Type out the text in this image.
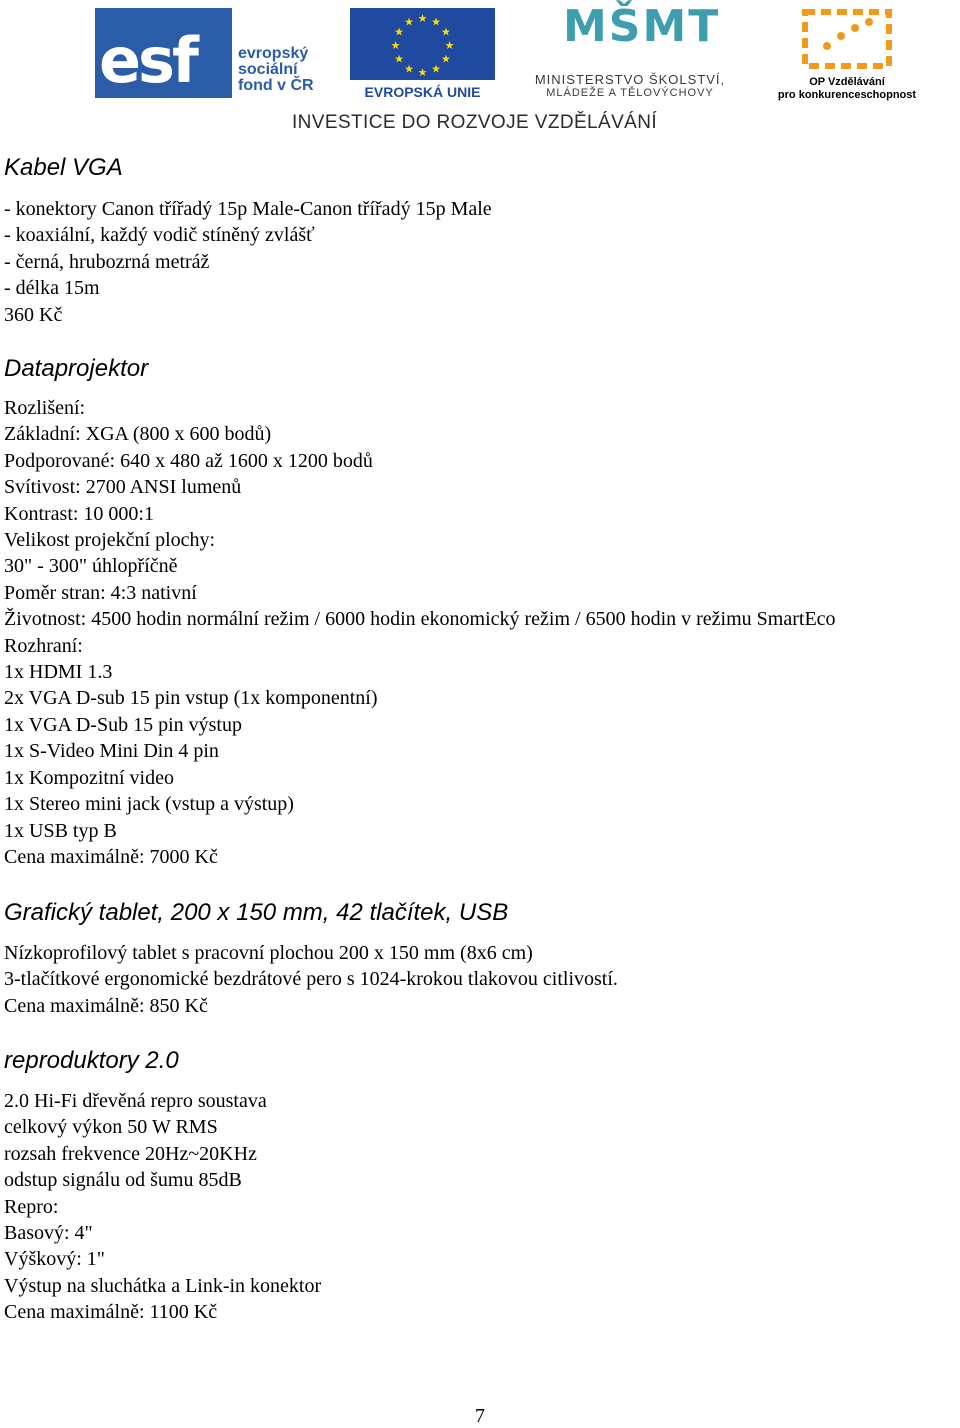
esf	evropský
sociální
fond v ČR
★ ★
★
★
★
★
★
★
★
★
★
★
EVROPSKÁ UNIE
MŠMT
MINISTERSTVO ŠKOLSTVÍ,
MLÁDEŽE A TĚLOVÝCHOVY
OP Vzdělávání
pro konkurenceschopnost
INVESTICE DO ROZVOJE VZDĚLÁVÁNÍ
Kabel VGA
- konektory Canon třířadý 15p Male-Canon třířadý 15p Male
- koaxiální, každý vodič stíněný zvlášť
- černá, hrubozrná metráž
- délka 15m
360 Kč
Dataprojektor
Rozlišení:
Základní: XGA (800 x 600 bodů)
Podporované: 640 x 480 až 1600 x 1200 bodů
Svítivost: 2700 ANSI lumenů
Kontrast: 10 000:1
Velikost projekční plochy:
30" - 300" úhlopříčně
Poměr stran: 4:3 nativní
Životnost: 4500 hodin normální režim / 6000 hodin ekonomický režim / 6500 hodin v režimu SmartEco
Rozhraní:
1x HDMI 1.3
2x VGA D-sub 15 pin vstup (1x komponentní)
1x VGA D-Sub 15 pin výstup
1x S-Video Mini Din 4 pin
1x Kompozitní video
1x Stereo mini jack (vstup a výstup)
1x USB typ B
Cena maximálně: 7000 Kč
Grafický tablet, 200 x 150 mm, 42 tlačítek, USB
Nízkoprofilový tablet s pracovní plochou 200 x 150 mm (8x6 cm)
3-tlačítkové ergonomické bezdrátové pero s 1024-krokou tlakovou citlivostí.
Cena maximálně: 850 Kč
reproduktory 2.0
2.0 Hi-Fi dřevěná repro soustava
celkový výkon 50 W RMS
rozsah frekvence 20Hz~20KHz
odstup signálu od šumu 85dB
Repro:
Basový: 4"
Výškový: 1"
Výstup na sluchátka a Link-in konektor
Cena maximálně: 1100 Kč
7
